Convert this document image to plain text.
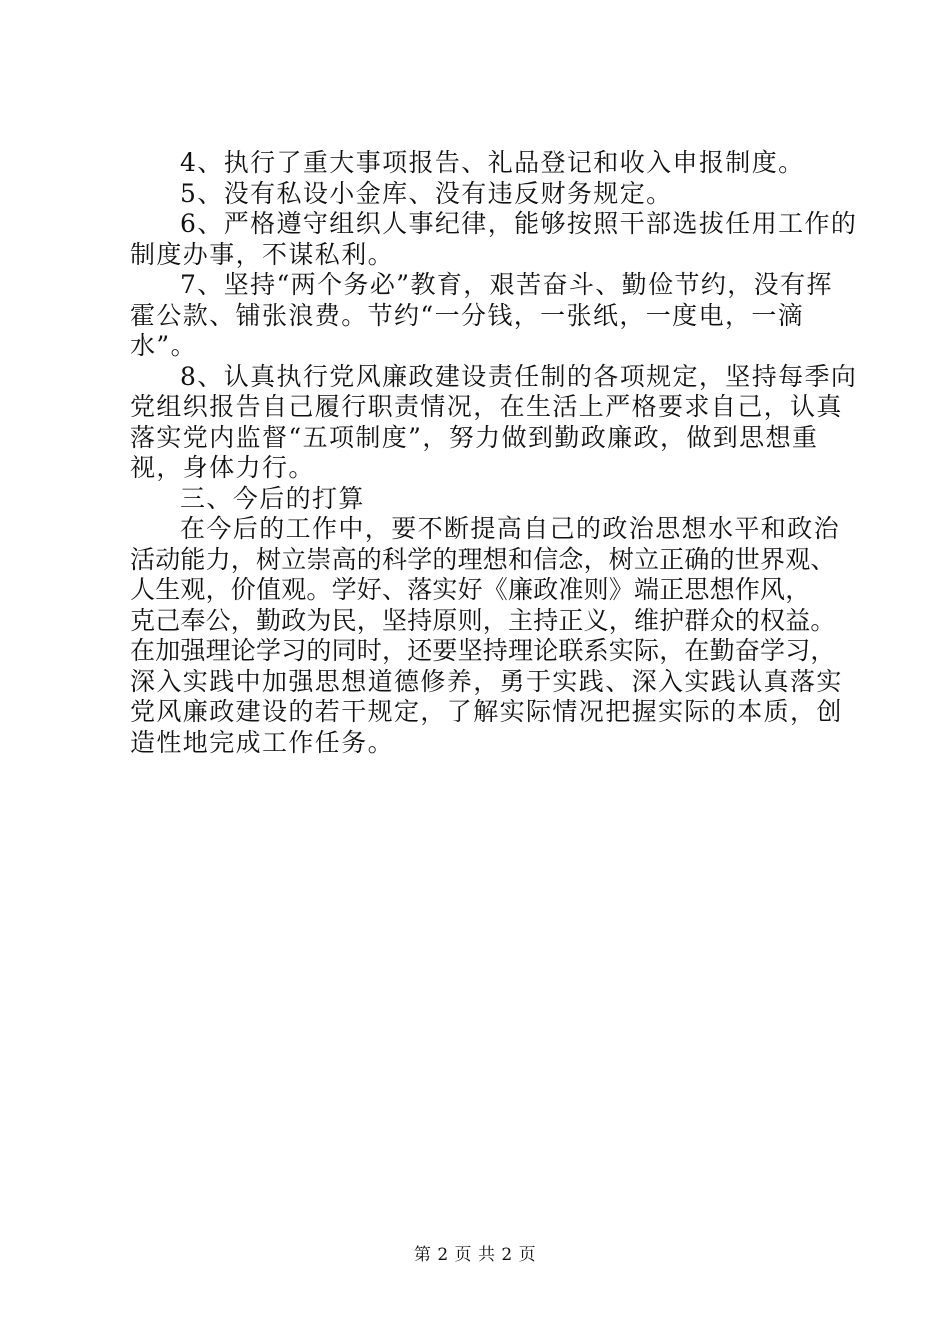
4、执行了重大事项报告、礼品登记和收入申报制度。
5、没有私设小金库、没有违反财务规定。
6、严格遵守组织人事纪律，能够按照干部选拔任用工作的
制度办事，不谋私利。
7、坚持“两个务必”教育，艰苦奋斗、勤俭节约，没有挥
霍公款、铺张浪费。节约“一分钱，一张纸，一度电，一滴
水”。
8、认真执行党风廉政建设责任制的各项规定，坚持每季向
党组织报告自己履行职责情况，在生活上严格要求自己，认真
落实党内监督“五项制度”，努力做到勤政廉政，做到思想重
视，身体力行。
三、今后的打算
在今后的工作中，要不断提高自己的政治思想水平和政治
活动能力，树立崇高的科学的理想和信念，树立正确的世界观、
人生观，价值观。学好、落实好《廉政准则》端正思想作风，
克己奉公，勤政为民，坚持原则，主持正义，维护群众的权益。
在加强理论学习的同时，还要坚持理论联系实际，在勤奋学习，
深入实践中加强思想道德修养，勇于实践、深入实践认真落实
党风廉政建设的若干规定，了解实际情况把握实际的本质，创
造性地完成工作任务。
第 2 页 共 2 页
